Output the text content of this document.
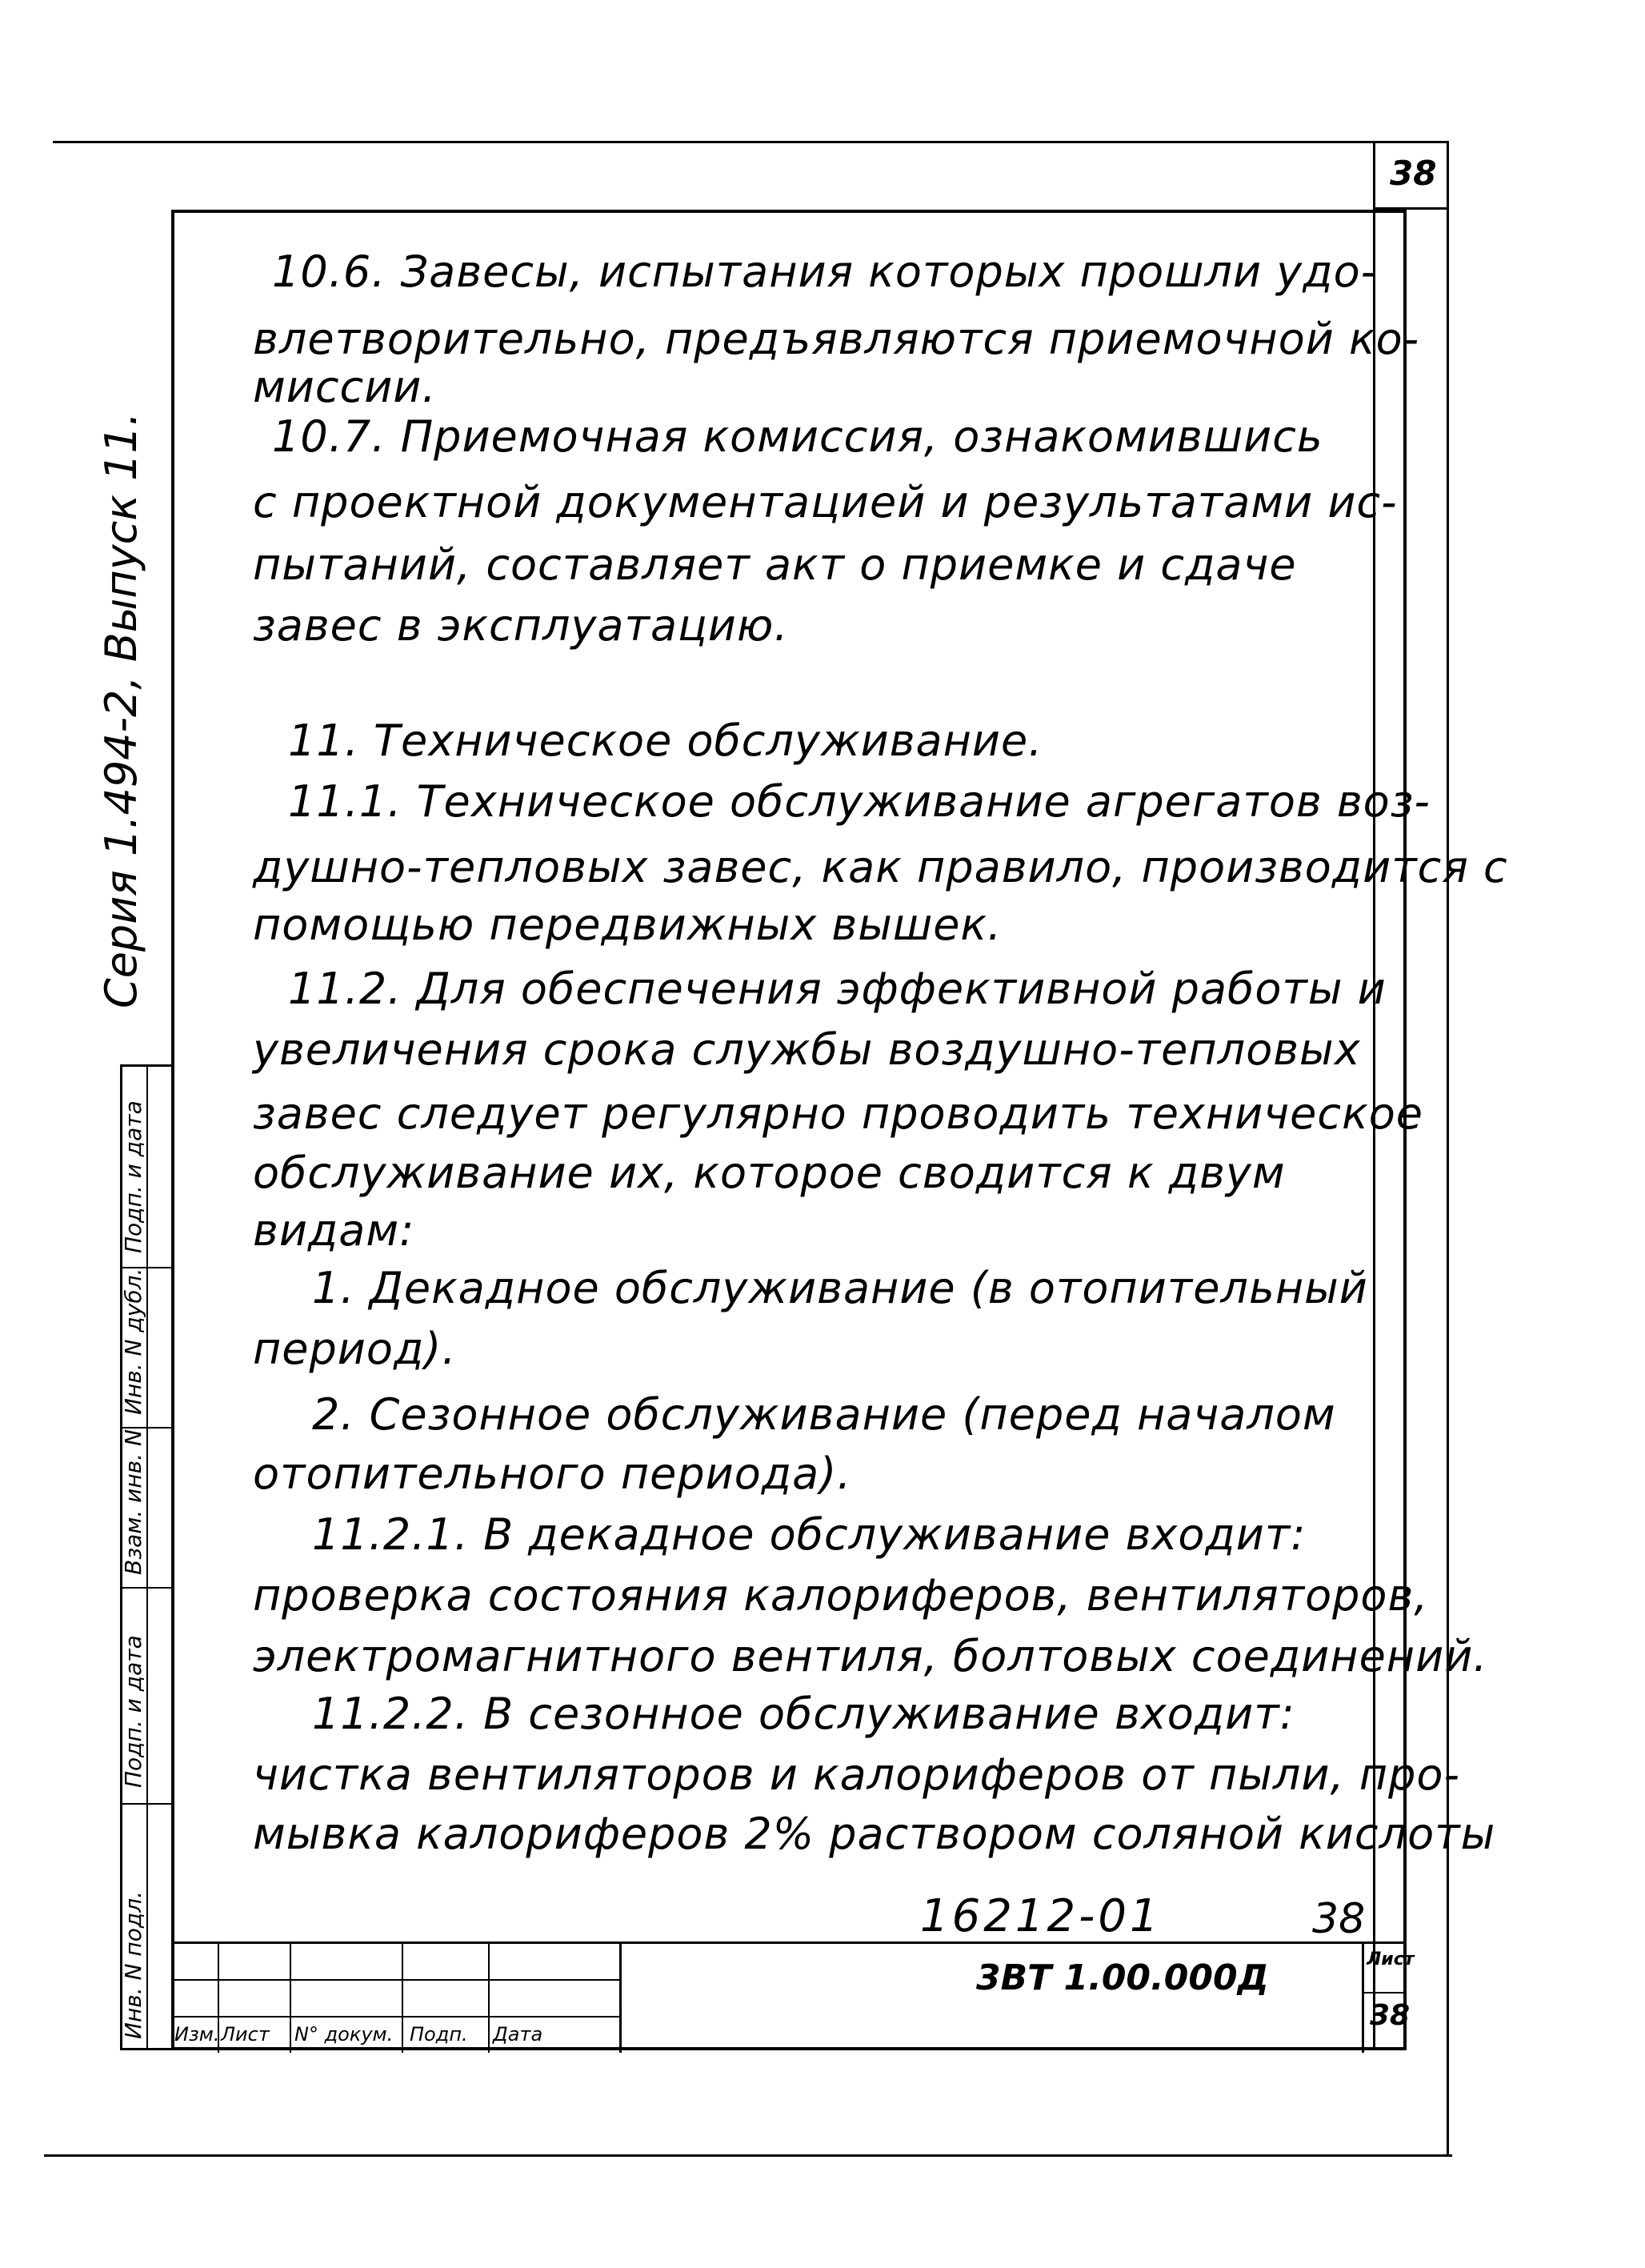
38
Серия 1.494-2, Выпуск 11.
10.6. Завесы, испытания которых прошли удо-
влетворительно, предъявляются приемочной ко-
миссии.
10.7. Приемочная комиссия, ознакомившись
с проектной документацией и результатами ис-
пытаний, составляет акт о приемке и сдаче
завес в эксплуатацию.
11. Техническое обслуживание.
11.1. Техническое обслуживание агрегатов воз-
душно-тепловых завес, как правило, производится с
помощью передвижных вышек.
11.2. Для обеспечения эффективной работы и
увеличения срока службы воздушно-тепловых
завес следует регулярно проводить техническое
обслуживание их, которое сводится к двум
видам:
1. Декадное обслуживание (в отопительный
период).
2. Сезонное обслуживание (перед началом
отопительного периода).
11.2.1. В декадное обслуживание входит:
проверка состояния калориферов, вентиляторов,
электромагнитного вентиля, болтовых соединений.
11.2.2. В сезонное обслуживание входит:
чистка вентиляторов и калориферов от пыли, про-
мывка калориферов 2% раствором соляной кислоты
16212-01	38
Инв. N подл.
Подп. и дата
Взам. инв. N
Инв. N дубл.
Подп. и дата
Изм. Лист N° докум. Подп. Дата
3ВТ 1.00.000Д	Лист
38
